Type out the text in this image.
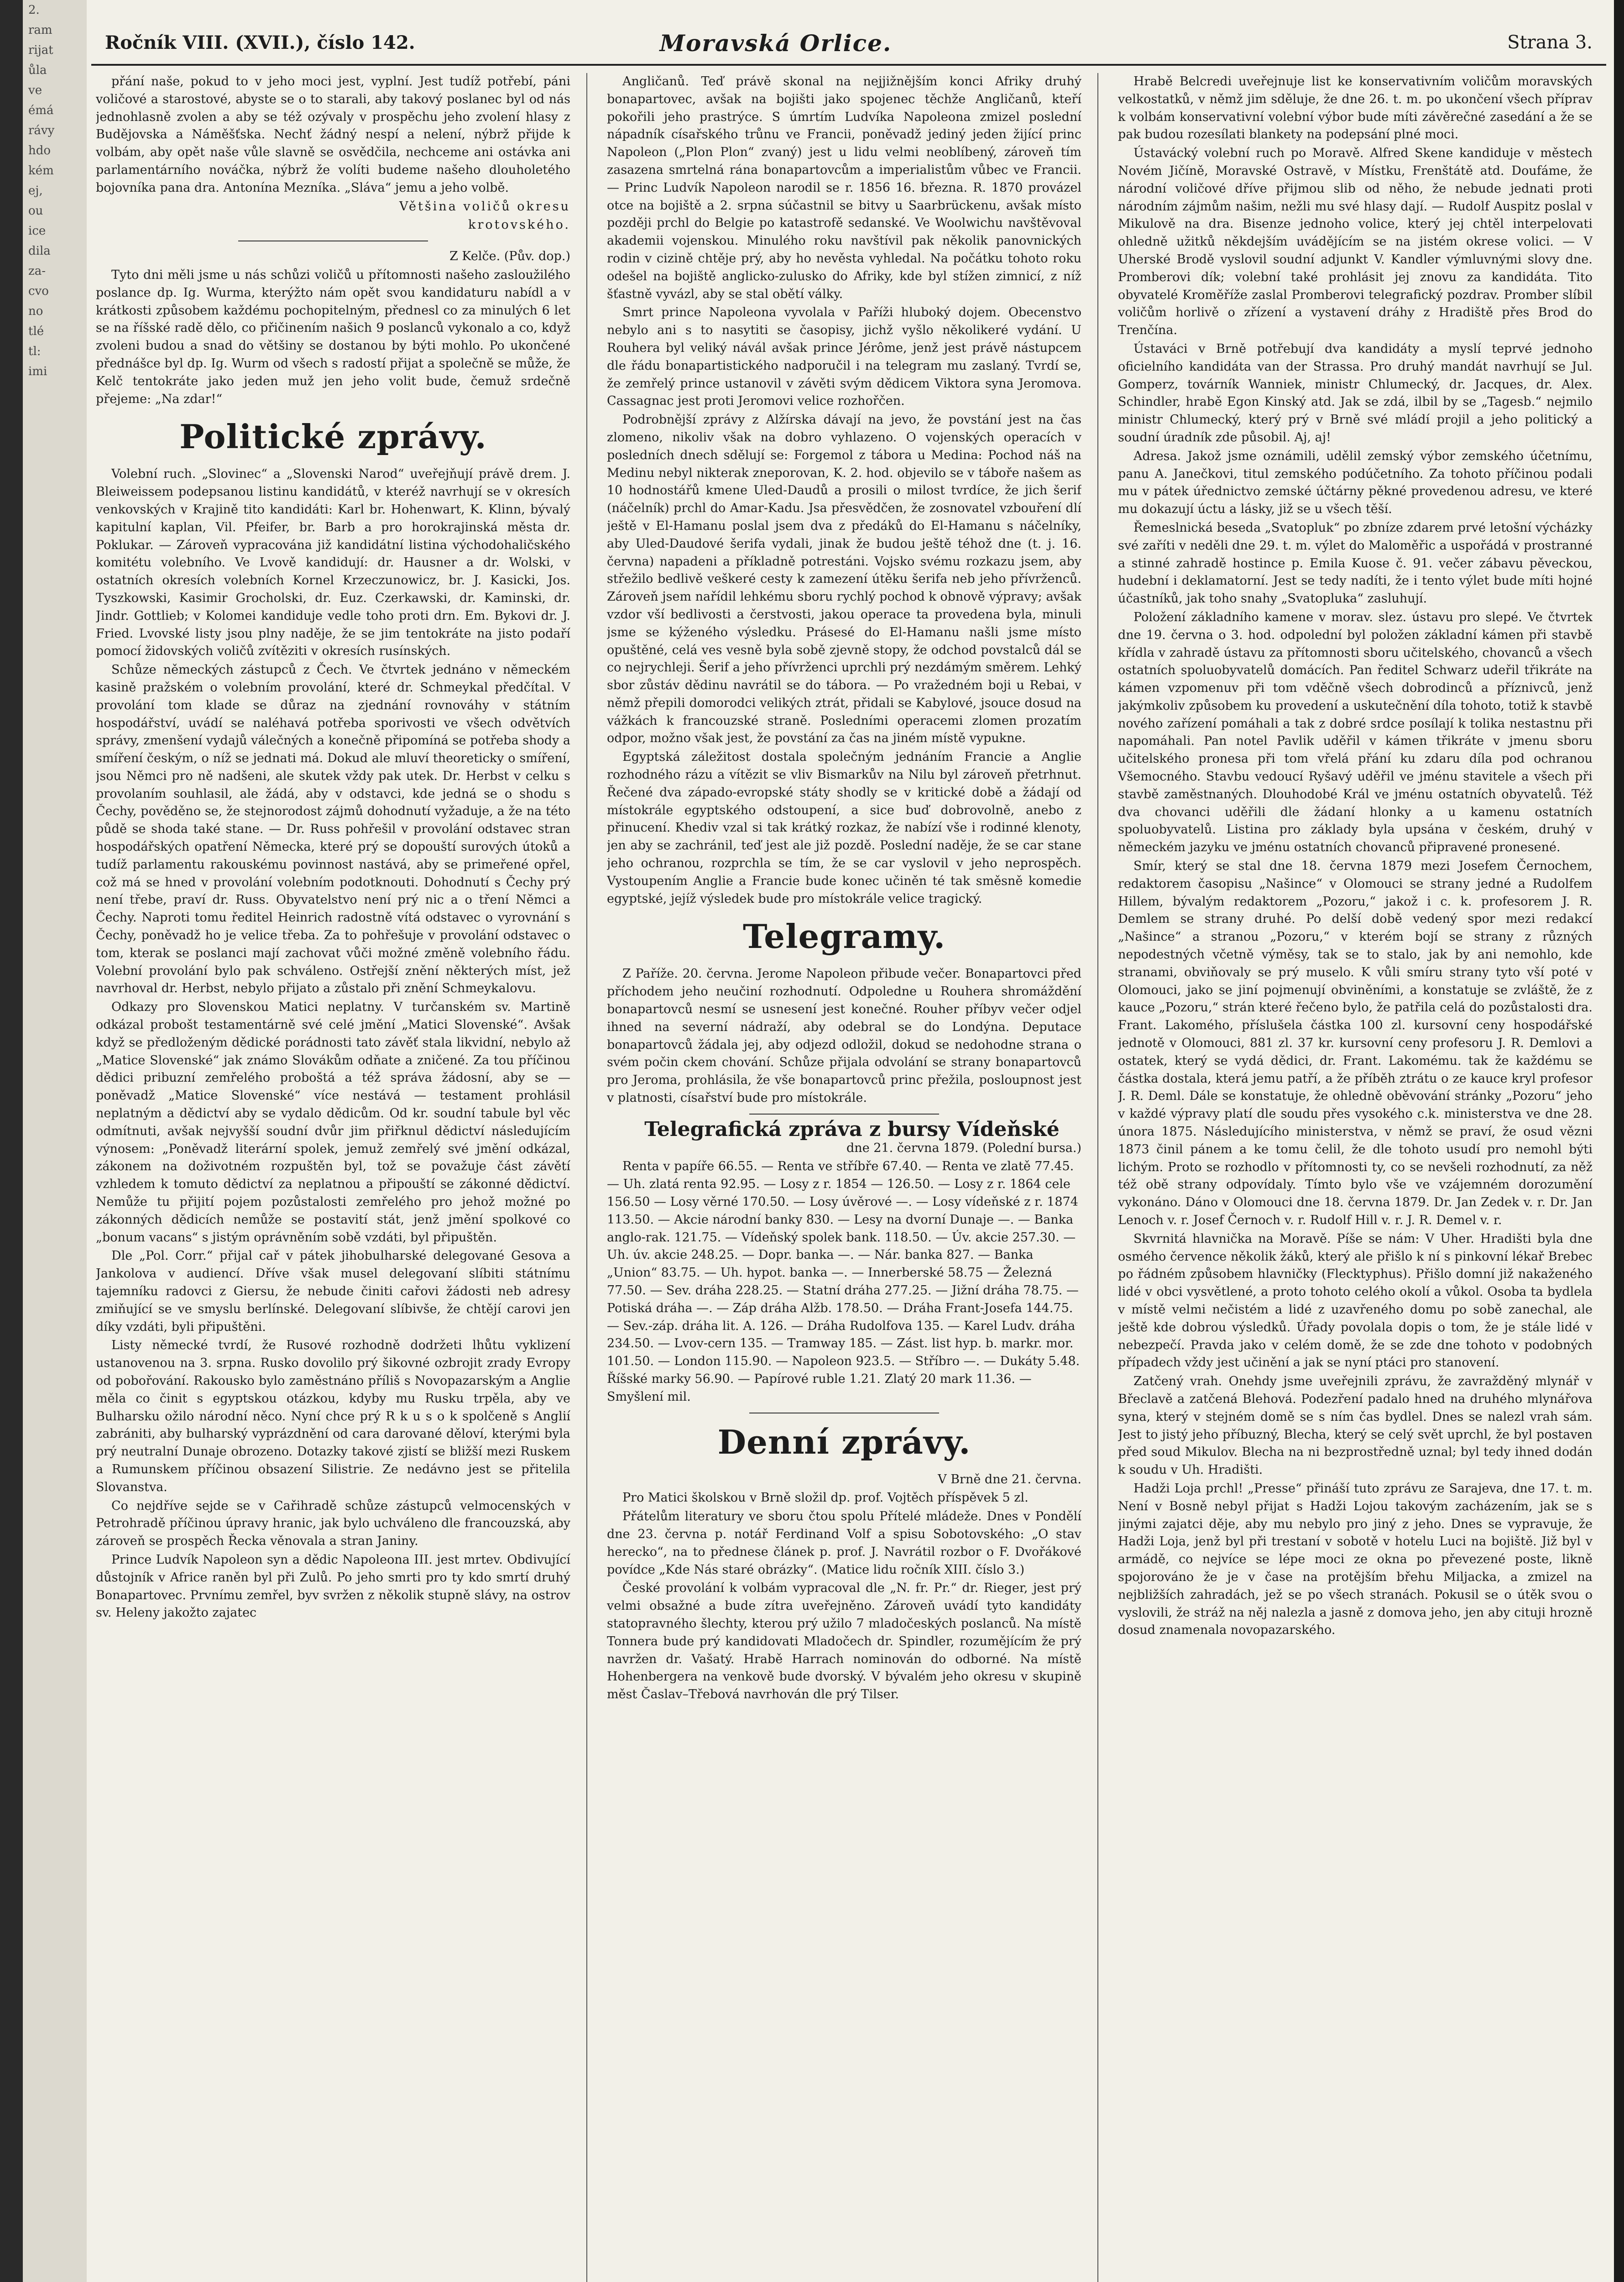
2.
ram
rijat
ůla
ve
émá
rávy
hdo
kém
ej,
ou
ice
dila
za-
cvo
no
tlé
tl:
imi
Ročník VIII. (XVII.), číslo 142.	Moravská Orlice.	Strana 3.

přání naše, pokud to v jeho moci jest, vyplní. Jest tudíž potřebí, páni voličové a starostové, abyste se o to starali, aby takový poslanec byl od nás jednohlasně zvolen a aby se též ozývaly v prospěchu jeho zvolení hlasy z Budějovska a Náměšťska. Nechť žádný nespí a nelení, nýbrž přijde k volbám, aby opět naše vůle slavně se osvědčila, nechceme ani ostávka ani parlamentárního nováčka, nýbrž že volíti budeme našeho dlouholetého bojovníka pana dra. Antonína Mezníka. „Sláva“ jemu a jeho volbě.

Většina voličů okresu

krotovského.

Z Kelče. (Pův. dop.)

Tyto dni měli jsme u nás schůzi voličů u přítomnosti našeho zasloužilého poslance dp. Ig. Wurma, kterýžto nám opět svou kandidaturu nabídl a v krátkosti způsobem každému pochopitelným, přednesl co za minulých 6 let se na říšské radě dělo, co přičinením našich 9 poslanců vykonalo a co, když zvoleni budou a snad do většiny se dostanou by býti mohlo. Po ukončené přednášce byl dp. Ig. Wurm od všech s radostí přijat a společně se může, že Kelč tentokráte jako jeden muž jen jeho volit bude, čemuž srdečně přejeme: „Na zdar!“

Politické zprávy.

Volební ruch. „Slovinec“ a „Slovenski Narod“ uveřejňují právě drem. J. Bleiweissem podepsanou listinu kandidátů, v kteréž navrhují se v okresích venkovských v Krajině tito kandidáti: Karl br. Hohenwart, K. Klinn, bývalý kapitulní kaplan, Vil. Pfeifer, br. Barb a pro horokrajinská města dr. Poklukar. — Zároveň vypracována již kandidátní listina východohaličského komitétu volebního. Ve Lvově kandidují: dr. Hausner a dr. Wolski, v ostatních okresích volebních Kornel Krzeczunowicz, br. J. Kasicki, Jos. Tyszkowski, Kasimir Grocholski, dr. Euz. Czerkawski, dr. Kaminski, dr. Jindr. Gottlieb; v Kolomei kandiduje vedle toho proti drn. Em. Bykovi dr. J. Fried. Lvovské listy jsou plny naděje, že se jim tentokráte na jisto podaří pomocí židovských voličů zvítěziti v okresích rusínských.

Schůze německých zástupců z Čech. Ve čtvrtek jednáno v německém kasině pražském o volebním provolání, které dr. Schmeykal předčítal. V provolání tom klade se důraz na zjednání rovnováhy v státním hospodářství, uvádí se naléhavá potřeba sporivosti ve všech odvětvích správy, zmenšení vydajů válečných a konečně připomíná se potřeba shody a smíření českým, o níž se jednati má. Dokud ale mluví theoreticky o smíření, jsou Němci pro ně nadšeni, ale skutek vždy pak utek. Dr. Herbst v celku s provolaním souhlasil, ale žádá, aby v odstavci, kde jedná se o shodu s Čechy, pověděno se, že stejnorodost zájmů dohodnutí vyžaduje, a že na této půdě se shoda také stane. — Dr. Russ pohřešil v provolání odstavec stran hospodářských opatření Německa, které prý se dopouští surových útoků a tudíž parlamentu rakouskému povinnost nastává, aby se primeřené opřel, což má se hned v provolání volebním podotknouti. Dohodnutí s Čechy prý není třebe, praví dr. Russ. Obyvatelstvo není prý nic a o tření Němci a Čechy. Naproti tomu ředitel Heinrich radostně vítá odstavec o vyrovnání s Čechy, poněvadž ho je velice třeba. Za to pohřešuje v provolání odstavec o tom, kterak se poslanci mají zachovat vůči možné změně volebního řádu. Volební provolání bylo pak schváleno. Ostřejší znění některých míst, jež navrhoval dr. Herbst, nebylo přijato a zůstalo při znění Schmeykalovu.

Odkazy pro Slovenskou Matici neplatny. V turčanském sv. Martině odkázal probošt testamentárně své celé jmění „Matici Slovenské“. Avšak když se předloženým dědické porádnosti tato závěť stala likvidní, nebylo až „Matice Slovenské“ jak známo Slovákům odňate a zničené. Za tou příčinou dědici pribuzní zemřelého proboštá a též správa žádosní, aby se — poněvadž „Matice Slovenské“ více nestává — testament prohlásil neplatným a dědictví aby se vydalo dědicům. Od kr. soudní tabule byl věc odmítnuti, avšak nejvyšší soudní dvůr jim přiřknul dědictví následujícím výnosem: „Poněvadž literární spolek, jemuž zemřelý své jmění odkázal, zákonem na doživotném rozpuštěn byl, tož se považuje část závětí vzhledem k tomuto dědictví za neplatnou a připouští se zákonné dědictví. Nemůže tu přijití pojem pozůstalosti zemřelého pro jehož možné po zákonných dědicích nemůže se postavití stát, jenž jmění spolkové co „bonum vacans“ s jistým oprávněním sobě vzdáti, byl připuštěn.

Dle „Pol. Corr.“ přijal cař v pátek jihobulharské delegované Gesova a Jankolova v audiencí. Dříve však musel delegovaní slíbiti státnímu tajemníku radovci z Giersu, že nebude činiti cařovi žádosti neb adresy zmiňující se ve smyslu berlínské. Delegovaní slíbivše, že chtějí carovi jen díky vzdáti, byli připuštěni.

Listy německé tvrdí, že Rusové rozhodně dodržeti lhůtu vyklizení ustanovenou na 3. srpna. Rusko dovolilo prý šikovné ozbrojit zrady Evropy od pobořování. Rakousko bylo zaměstnáno příliš s Novopazarským a Anglie měla co činit s egyptskou otázkou, kdyby mu Rusku trpěla, aby ve Bulharsku ožilo národní něco. Nyní chce prý R k u s o k spolčeně s Anglií zabrániti, aby bulharský vyprázdnění od cara darované děloví, kterými byla prý neutralní Dunaje obrozeno. Dotazky takové zjistí se bližší mezi Ruskem a Rumunskem příčinou obsazení Silistrie. Ze nedávno jest se přitelila Slovanstva.

Co nejdříve sejde se v Cařihradě schůze zástupců velmocenských v Petrohradě příčinou úpravy hranic, jak bylo uchváleno dle francouzská, aby zároveň se prospěch Řecka věnovala a stran Janiny.

Prince Ludvík Napoleon syn a dědic Napoleona III. jest mrtev. Obdivující důstojník v Africe raněn byl při Zulů. Po jeho smrti pro ty kdo smrtí druhý Bonapartovec. Prvnímu zemřel, byv svržen z několik stupně slávy, na ostrov sv. Heleny jakožto zajatec

Angličanů. Teď právě skonal na nejjižnějším konci Afriky druhý bonapartovec, avšak na bojišti jako spojenec těchže Angličanů, kteří pokořili jeho prastrýce. S úmrtím Ludvíka Napoleona zmizel poslední nápadník císařského trůnu ve Francii, poněvadž jediný jeden žijící princ Napoleon („Plon Plon“ zvaný) jest u lidu velmi neoblíbený, zároveň tím zasazena smrtelná rána bonapartovcům a imperialistům vůbec ve Francii. — Princ Ludvík Napoleon narodil se r. 1856 16. března. R. 1870 provázel otce na bojiště a 2. srpna súčastnil se bitvy u Saarbrückenu, avšak místo později prchl do Belgie po katastrofě sedanské. Ve Woolwichu navštěvoval akademii vojenskou. Minulého roku navštívil pak několik panovnických rodin v cizině chtěje prý, aby ho nevěsta vyhledal. Na počátku tohoto roku odešel na bojiště anglicko-zulusko do Afriky, kde byl stížen zimnicí, z níž šťastně vyvázl, aby se stal obětí války.

Smrt prince Napoleona vyvolala v Paříži hluboký dojem. Obecenstvo nebylo ani s to nasytiti se časopisy, jichž vyšlo několikeré vydání. U Rouhera byl veliký návál avšak prince Jérôme, jenž jest právě nástupcem dle řádu bonapartistického nadporučil i na telegram mu zaslaný. Tvrdí se, že zemřelý prince ustanovil v závěti svým dědicem Viktora syna Jeromova. Cassagnac jest proti Jeromovi velice rozhořčen.

Podrobnější zprávy z Alžírska dávají na jevo, že povstání jest na čas zlomeno, nikoliv však na dobro vyhlazeno. O vojenských operacích v posledních dnech sdělují se: Forgemol z tábora u Medina: Pochod náš na Medinu nebyl nikterak zneporovan, K. 2. hod. objevilo se v táboře našem as 10 hodnostářů kmene Uled-Daudů a prosili o milost tvrdíce, že jich šerif (náčelník) prchl do Amar-Kadu. Jsa přesvědčen, že zosnovatel vzbouření dlí ještě v El-Hamanu poslal jsem dva z předáků do El-Hamanu s náčelníky, aby Uled-Daudové šerifa vydali, jinak že budou ještě téhož dne (t. j. 16. června) napadeni a příkladně potrestáni. Vojsko svému rozkazu jsem, aby střežilo bedlivě veškeré cesty k zamezení útěku šerifa neb jeho přívrženců. Zároveň jsem nařídil lehkému sboru rychlý pochod k obnově výpravy; avšak vzdor vší bedlivosti a čerstvosti, jakou operace ta provedena byla, minuli jsme se kýženého výsledku. Prásesé do El-Hamanu našli jsme místo opuštěné, celá ves vesně byla sobě zjevně stopy, že odchod povstalců dál se co nejrychleji. Šerif a jeho přívrženci uprchli prý nezdámým směrem. Lehký sbor zůstáv dědinu navrátil se do tábora. — Po vražedném boji u Rebai, v němž přepili domorodci velikých ztrát, přidali se Kabylové, jsouce dosud na vážkách k francouzské straně. Posledními operacemi zlomen prozatím odpor, možno však jest, že povstání za čas na jiném místě vypukne.

Egyptská záležitost dostala společným jednáním Francie a Anglie rozhodného rázu a vítězit se vliv Bismarkův na Nilu byl zároveň přetrhnut. Řečené dva západo-evropské státy shodly se v kritické době a žádají od místokrále egyptského odstoupení, a sice buď dobrovolně, anebo z přinucení. Khediv vzal si tak krátký rozkaz, že nabízí vše i rodinné klenoty, jen aby se zachránil, teď jest ale již pozdě. Poslední naděje, že se car stane jeho ochranou, rozprchla se tím, že se car vyslovil v jeho neprospěch. Vystoupením Anglie a Francie bude konec učiněn té tak směsně komedie egyptské, jejíž výsledek bude pro místokrále velice tragický.

Telegramy.

Z Paříže. 20. června. Jerome Napoleon přibude večer. Bonapartovci před příchodem jeho neučiní rozhodnutí. Odpoledne u Rouhera shromáždění bonapartovců nesmí se usnesení jest konečné. Rouher příbyv večer odjel ihned na severní nádraží, aby odebral se do Londýna. Deputace bonapartovců žádala jej, aby odjezd odložil, dokud se nedohodne strana o svém počin ckem chování. Schůze přijala odvolání se strany bonapartovců pro Jeroma, prohlásila, že vše bonapartovců princ přežila, posloupnost jest v platnosti, císařství bude pro místokrále.

Telegrafická zpráva z bursy Vídeňské

dne 21. června 1879. (Polední bursa.)

Renta v papíře 66.55. — Renta ve stříbře 67.40. — Renta ve zlatě 77.45. — Uh. zlatá renta 92.95. — Losy z r. 1854 — 126.50. — Losy z r. 1864 cele 156.50 — Losy věrné 170.50. — Losy úvěrové —. — Losy vídeňské z r. 1874 113.50. — Akcie národní banky 830. — Lesy na dvorní Dunaje —. — Banka anglo-rak. 121.75. — Vídeňský spolek bank. 118.50. — Úv. akcie 257.30. — Uh. úv. akcie 248.25. — Dopr. banka —. — Nár. banka 827. — Banka „Union“ 83.75. — Uh. hypot. banka —. — Innerberské 58.75 — Železná 77.50. — Sev. dráha 228.25. — Statní dráha 277.25. — Jižní dráha 78.75. — Potiská dráha —. — Záp dráha Alžb. 178.50. — Dráha Frant-Josefa 144.75. — Sev.-záp. dráha lit. A. 126. — Dráha Rudolfova 135. — Karel Ludv. dráha 234.50. — Lvov-cern 135. — Tramway 185. — Zást. list hyp. b. markr. mor. 101.50. — London 115.90. — Napoleon 923.5. — Stříbro —. — Dukáty 5.48. Říšské marky 56.90. — Papírové ruble 1.21. Zlatý 20 mark 11.36. — Smyšlení mil.

Denní zprávy.

V Brně dne 21. června.

Pro Matici školskou v Brně složil dp. prof. Vojtěch příspěvek 5 zl.

Přátelům literatury ve sboru čtou spolu Přítelé mládeže. Dnes v Pondělí dne 23. června p. notář Ferdinand Volf a spisu Sobotovského: „O stav herecko“, na to přednese článek p. prof. J. Navrátil rozbor o F. Dvořákové povídce „Kde Nás staré obrázky“. (Matice lidu ročník XIII. číslo 3.)

České provolání k volbám vypracoval dle „N. fr. Pr.“ dr. Rieger, jest prý velmi obsažné a bude zítra uveřejněno. Zároveň uvádí tyto kandidáty statopravného šlechty, kterou prý užilo 7 mladočeských poslanců. Na místě Tonnera bude prý kandidovati Mladočech dr. Spindler, rozumějícím že prý navržen dr. Vašatý. Hrabě Harrach nominován do odborné. Na místě Hohenbergera na venkově bude dvorský. V bývalém jeho okresu v skupině měst Časlav–Třebová navrhován dle prý Tilser.

Hrabě Belcredi uveřejnuje list ke konservativním voličům moravských velkostatků, v němž jim sděluje, že dne 26. t. m. po ukončení všech příprav k volbám konservativní volební výbor bude míti závěrečné zasedání a že se pak budou rozesílati blankety na podepsání plné moci.

Ústavácký volební ruch po Moravě. Alfred Skene kandiduje v městech Novém Jičíně, Moravské Ostravě, v Místku, Frenštátě atd. Doufáme, že národní voličové dříve přijmou slib od něho, že nebude jednati proti národním zájmům našim, nežli mu své hlasy dají. — Rudolf Auspitz poslal v Mikulově na dra. Bisenze jednoho volice, který jej chtěl interpelovati ohledně užitků někdejším uvádějícím se na jistém okrese volici. — V Uherské Brodě vyslovil soudní adjunkt V. Kandler výmluvnými slovy dne. Promberovi dík; volební také prohlásit jej znovu za kandidáta. Tito obyvatelé Kroměříže zaslal Promberovi telegrafický pozdrav. Promber slíbil voličům horlivě o zřízení a vystavení dráhy z Hradiště přes Brod do Trenčína.

Ústaváci v Brně potřebují dva kandidáty a myslí teprvé jednoho oficielního kandidáta van der Strassa. Pro druhý mandát navrhují se Jul. Gomperz, továrník Wanniek, ministr Chlumecký, dr. Jacques, dr. Alex. Schindler, hrabě Egon Kinský atd. Jak se zdá, ilbil by se „Tagesb.“ nejmilo ministr Chlumecký, který prý v Brně své mládí projil a jeho politický a soudní úradník zde působil. Aj, aj!

Adresa. Jakož jsme oznámili, udělil zemský výbor zemského účetnímu, panu A. Janečkovi, titul zemského podúčetního. Za tohoto příčinou podali mu v pátek úřednictvo zemské účtárny pěkné provedenou adresu, ve které mu dokazují úctu a lásky, již se u všech těší.

Řemeslnická beseda „Svatopluk“ po zbníze zdarem prvé letošní výcházky své zaříti v neděli dne 29. t. m. výlet do Maloměřic a uspořádá v prostranné a stinné zahradě hostince p. Emila Kuose č. 91. večer zábavu pěveckou, hudební i deklamatorní. Jest se tedy nadíti, že i tento výlet bude míti hojné účastníků, jak toho snahy „Svatopluka“ zasluhují.

Položení základního kamene v morav. slez. ústavu pro slepé. Ve čtvrtek dne 19. června o 3. hod. odpolední byl položen základní kámen při stavbě křídla v zahradě ústavu za přítomnosti sboru učitelského, chovanců a všech ostatních spoluobyvatelů domácích. Pan ředitel Schwarz udeřil třikráte na kámen vzpomenuv při tom vděčně všech dobrodinců a příznivců, jenž jakýmkoliv způsobem ku provedení a uskutečnění díla tohoto, totiž k stavbě nového zařízení pomáhali a tak z dobré srdce posílají k tolika nestastnu při napomáhali. Pan notel Pavlik uděřil v kámen třikráte v jmenu sboru učitelského pronesa při tom vřelá přání ku zdaru díla pod ochranou Všemocného. Stavbu vedoucí Ryšavý uděřil ve jménu stavitele a všech při stavbě zaměstnaných. Dlouhodobé Král ve jménu ostatních obyvatelů. Též dva chovanci uděřili dle žádaní hlonky a u kamenu ostatních spoluobyvatelů. Listina pro základy byla upsána v českém, druhý v německém jazyku ve jménu ostatních chovanců připravené pronesené.

Smír, který se stal dne 18. června 1879 mezi Josefem Černochem, redaktorem časopisu „Našince“ v Olomouci se strany jedné a Rudolfem Hillem, bývalým redaktorem „Pozoru,“ jakož i c. k. profesorem J. R. Demlem se strany druhé. Po delší době vedený spor mezi redakcí „Našince“ a stranou „Pozoru,“ v kterém bojí se strany z různých nepodestných včetně výměsy, tak se to stalo, jak by ani nemohlo, kde stranami, obviňovaly se prý muselo. K vůli smíru strany tyto vší poté v Olomouci, jako se jiní pojmenují obviněními, a konstatuje se zvláště, že z kauce „Pozoru,“ strán které řečeno bylo, že patřila celá do pozůstalosti dra. Frant. Lakomého, příslušela částka 100 zl. kursovní ceny hospodářské jednotě v Olomouci, 881 zl. 37 kr. kursovní ceny profesoru J. R. Demlovi a ostatek, který se vydá dědici, dr. Frant. Lakomému. tak že každému se částka dostala, která jemu patří, a že příběh ztrátu o ze kauce kryl profesor J. R. Deml. Dále se konstatuje, že ohledně oběvování stránky „Pozoru“ jeho v každé výpravy platí dle soudu přes vysokého c.k. ministerstva ve dne 28. února 1875. Následujícího ministerstva, v němž se praví, že osud vězni 1873 činil pánem a ke tomu čelil, že dle tohoto usudí pro nemohl býti lichým. Proto se rozhodlo v přítomnosti ty, co se nevšeli rozhodnutí, za něž též obě strany odpovídaly. Tímto bylo vše ve vzájemném dorozumění vykonáno. Dáno v Olomouci dne 18. června 1879. Dr. Jan Zedek v. r. Dr. Jan Lenoch v. r. Josef Černoch v. r. Rudolf Hill v. r. J. R. Demel v. r.

Skvrnitá hlavnička na Moravě. Píše se nám: V Uher. Hradišti byla dne osmého července několik žáků, který ale přišlo k ní s pinkovní lékař Brebec po řádném způsobem hlavničky (Flecktyphus). Přišlo domní již nakaženého lidé v obci vysvětlené, a proto tohoto celého okolí a vůkol. Osoba ta bydlela v místě velmi nečistém a lidé z uzavřeného domu po sobě zanechal, ale ještě kde dobrou výsledků. Úřady povolala dopis o tom, že je stále lidé v nebezpečí. Pravda jako v celém domě, že se zde dne tohoto v podobných případech vždy jest učinění a jak se nyní ptáci pro stanovení.

Zatčený vrah. Onehdy jsme uveřejnili zprávu, že zavražděný mlynář v Břeclavě a zatčená Blehová. Podezření padalo hned na druhého mlynářova syna, který v stejném domě se s ním čas bydlel. Dnes se nalezl vrah sám. Jest to jistý jeho příbuzný, Blecha, který se celý svět uprchl, že byl postaven před soud Mikulov. Blecha na ni bezprostředně uznal; byl tedy ihned dodán k soudu v Uh. Hradišti.

Hadži Loja prchl! „Presse“ přináší tuto zprávu ze Sarajeva, dne 17. t. m. Není v Bosně nebyl přijat s Hadži Lojou takovým zacházením, jak se s jinými zajatci děje, aby mu nebylo pro jiný z jeho. Dnes se vypravuje, že Hadži Loja, jenž byl při trestaní v sobotě v hotelu Luci na bojiště. Již byl v armádě, co nejvíce se lépe moci ze okna po převezené poste, likně spojorováno že je v čase na protějším břehu Miljacka, a zmizel na nejbližších zahradách, jež se po všech stranách. Pokusil se o útěk svou o vyslovili, že stráž na něj nalezla a jasně z domova jeho, jen aby cituji hrozně dosud znamenala novopazarského.
